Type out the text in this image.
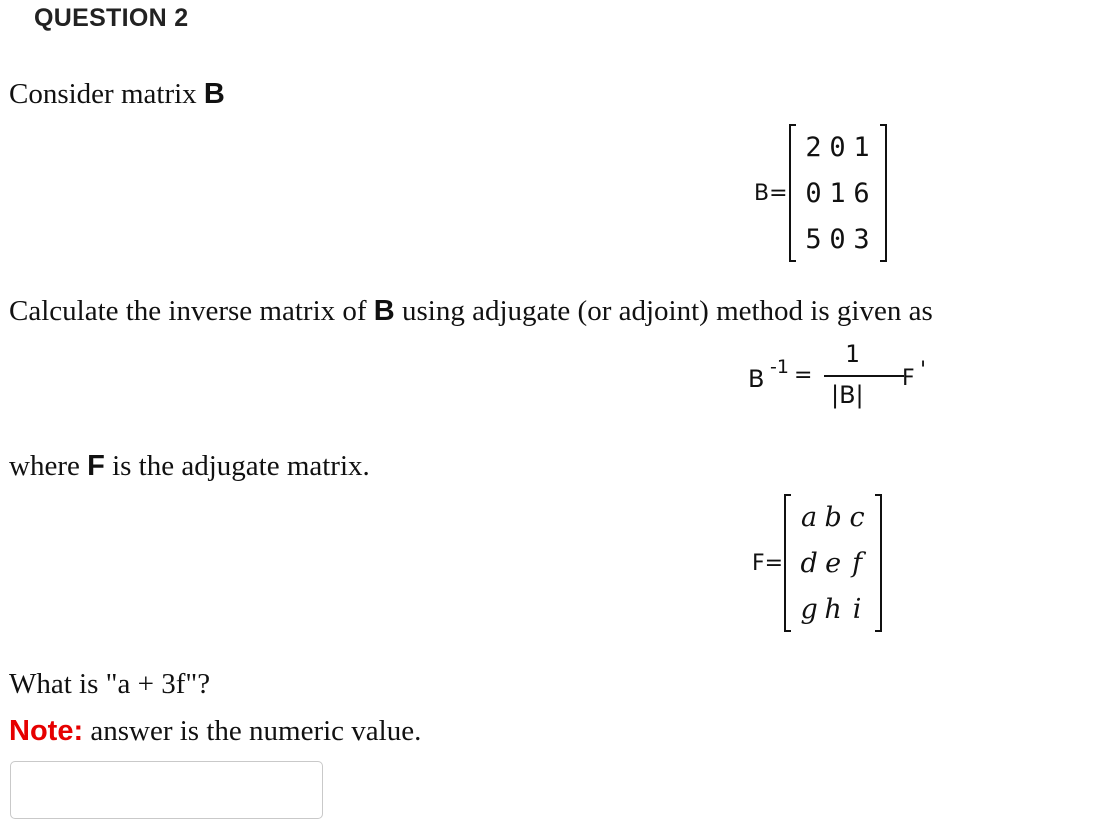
QUESTION 2
Consider matrix B
B=
2 0 1
0 1 6
5 0 3
Calculate the inverse matrix of B using adjugate (or adjoint) method is given as
B -1 =
1
|B|
F '
where F is the adjugate matrix.
F=
a b c
d e f
g h i
What is "a + 3f"?
Note: answer is the numeric value.
